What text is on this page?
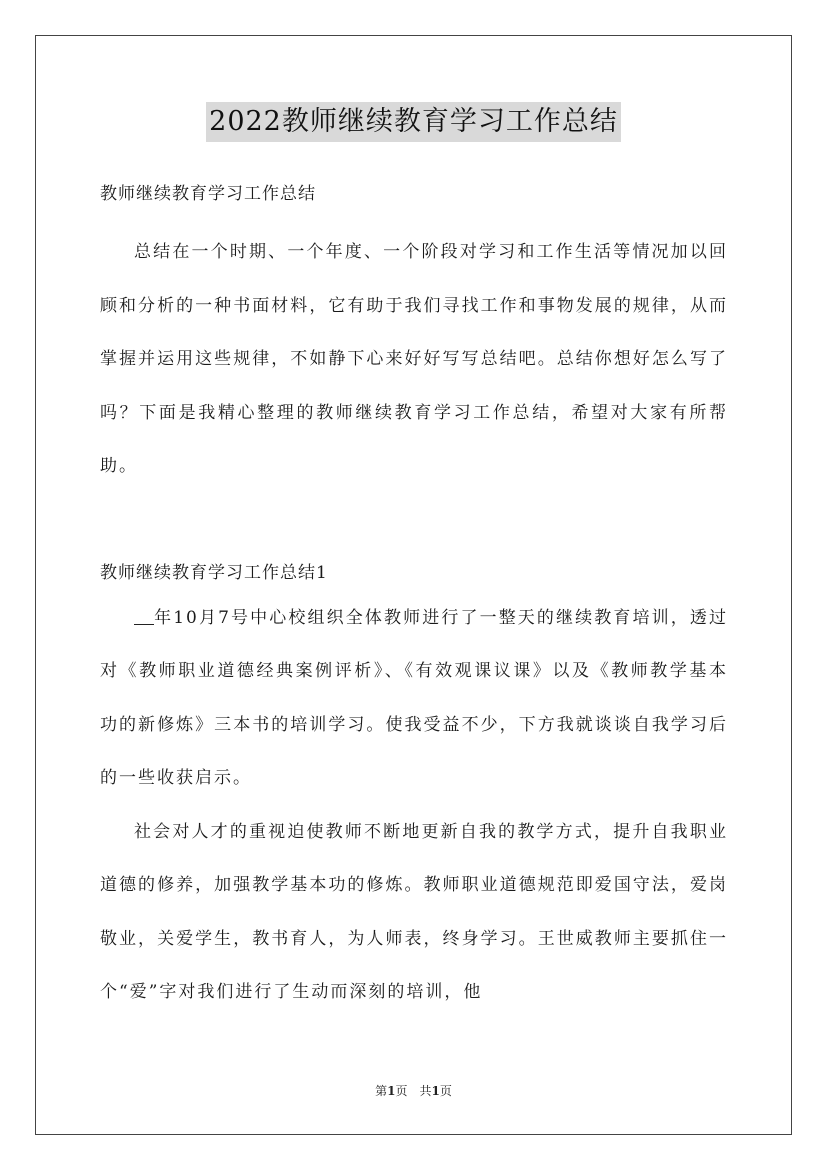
2022教师继续教育学习工作总结

教师继续教育学习工作总结

总结在一个时期、一个年度、一个阶段对学习和工作生活等情况加以回顾和分析的一种书面材料，它有助于我们寻找工作和事物发展的规律，从而掌握并运用这些规律，不如静下心来好好写写总结吧。总结你想好怎么写了吗？下面是我精心整理的教师继续教育学习工作总结，希望对大家有所帮助。

教师继续教育学习工作总结1

年10月7号中心校组织全体教师进行了一整天的继续教育培训，透过对《教师职业道德经典案例评析》、《有效观课议课》以及《教师教学基本功的新修炼》三本书的培训学习。使我受益不少，下方我就谈谈自我学习后的一些收获启示。

社会对人才的重视迫使教师不断地更新自我的教学方式，提升自我职业道德的修养，加强教学基本功的修炼。教师职业道德规范即爱国守法，爱岗敬业，关爱学生，教书育人，为人师表，终身学习。王世威教师主要抓住一个“爱”字对我们进行了生动而深刻的培训，他

第1页　共1页
